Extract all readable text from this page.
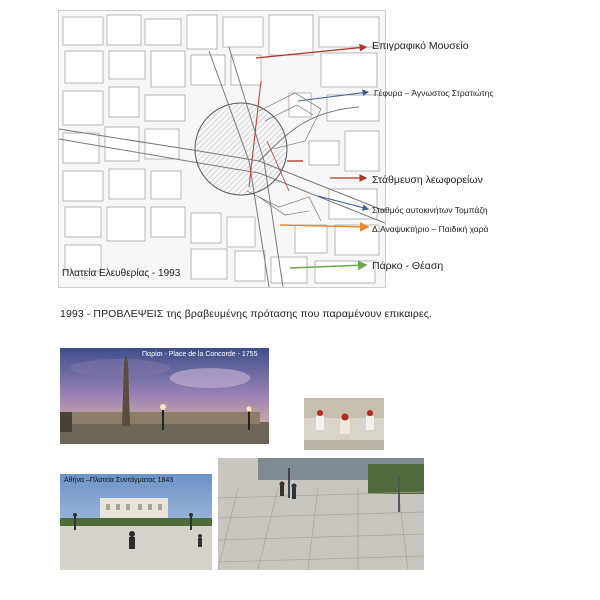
Πλατεία Ελευθερίας - 1993
Επιγραφικό Μουσείο
Γέφυρα – Άγνωστος Στρατιώτης
Στάθμευση λεωφορείων
Σταθμός αυτοκινήτων Τομπάζη
Δ.Αναψυκτήριο – Παιδική χαρά
Πάρκο - Θέαση
1993 - ΠΡΟΒΛΕΨΕΙΣ της βραβευμένης πρότασης που παραμένουν επικαιρες.
Παρίσι - Place de la Concorde - 1755
Αθήνα –Πλατεία Συντάγματος 1843
